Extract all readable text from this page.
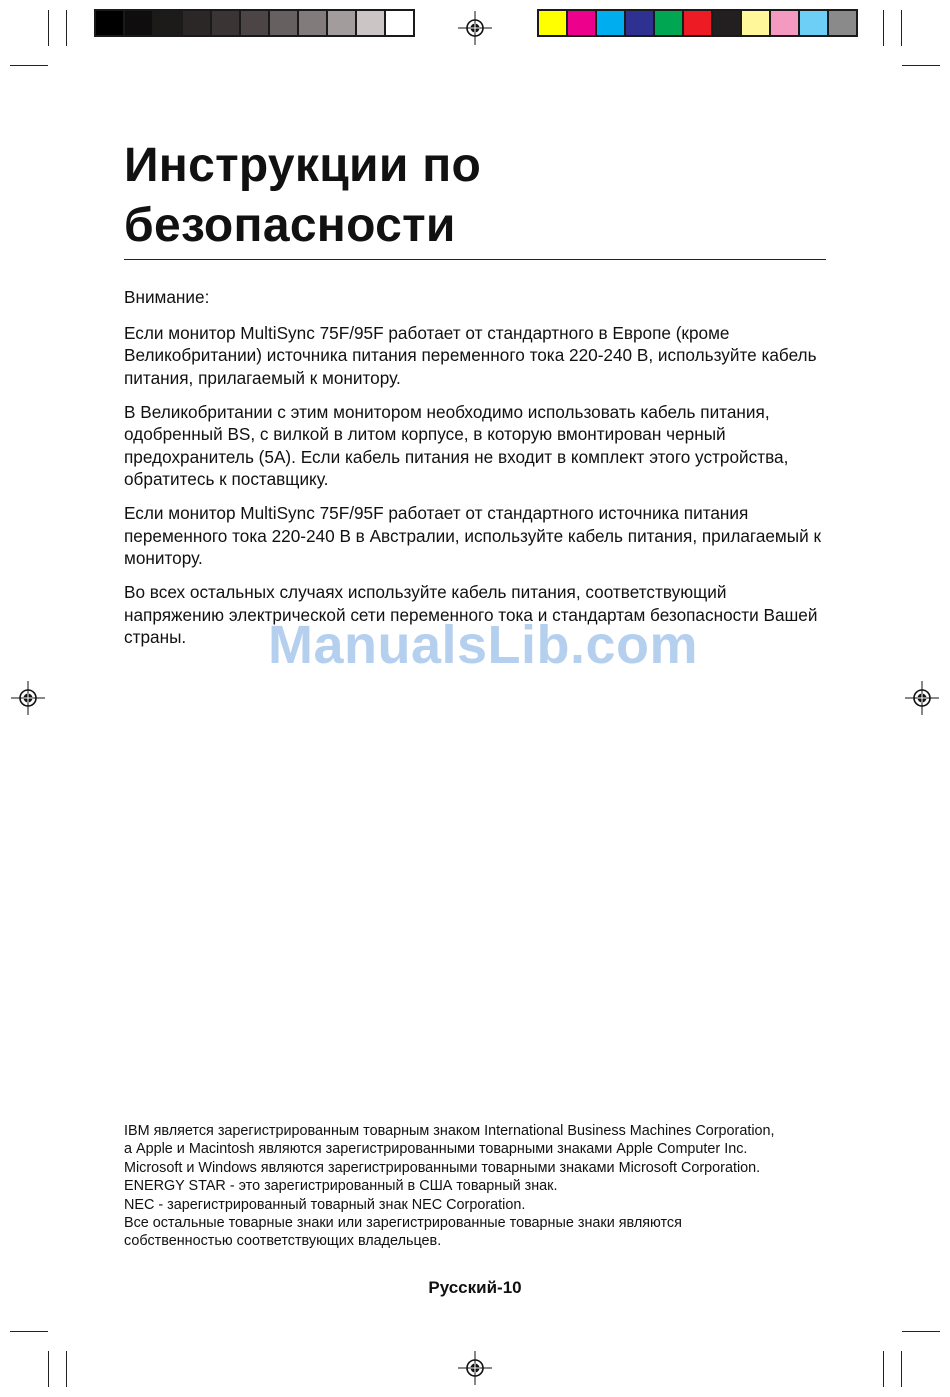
Инструкции по
безопасности

Внимание:

Если монитор MultiSync 75F/95F работает от стандартного в Европе (кроме Великобритании) источника питания переменного тока 220-240 В, используйте кабель питания, прилагаемый к монитору.

В Великобритании с этим монитором необходимо использовать кабель питания, одобренный BS, с вилкой в литом корпусе, в которую вмонтирован черный предохранитель (5A). Если кабель питания не входит в комплект этого устройства, обратитесь к поставщику.

Если монитор MultiSync 75F/95F работает от стандартного источника питания переменного тока 220-240 В в Австралии, используйте кабель питания, прилагаемый к монитору.

Во всех остальных случаях используйте кабель питания, соответствующий напряжению электрической сети переменного тока и стандартам безопасности Вашей страны.	ManualsLib.com
IBM является зарегистрированным товарным знаком International Business Machines Corporation,
а Apple и Macintosh являются зарегистрированными товарными знаками Apple Computer Inc.
Microsoft и Windows являются зарегистрированными товарными знаками Microsoft Corporation.
ENERGY STAR - это зарегистрированный в США товарный знак.
NEC - зарегистрированный товарный знак NEC Corporation.
Все остальные товарные знаки или зарегистрированные товарные знаки являются
собственностью соответствующих владельцев.
Русский-10
